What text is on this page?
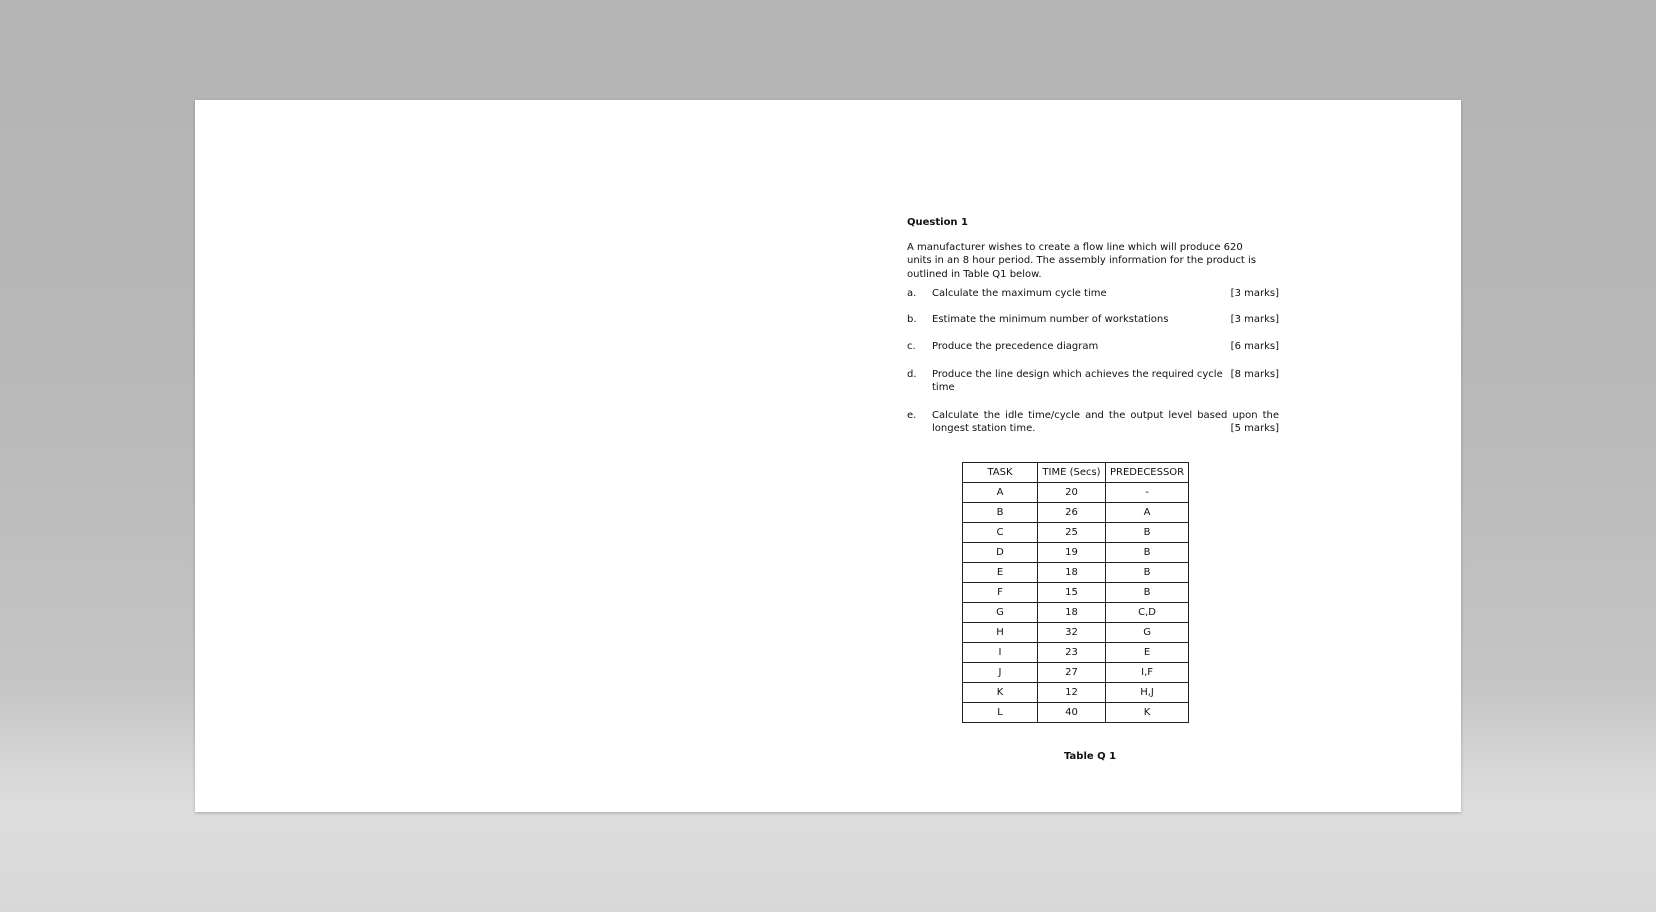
Question 1
A manufacturer wishes to create a flow line which will produce 620 units in an 8 hour period. The assembly information for the product is outlined in Table Q1 below.
a.	Calculate the maximum cycle time	[3 marks]
b.	Estimate the minimum number of workstations	[3 marks]
c.	Produce the precedence diagram	[6 marks]
d.	Produce the line design which achieves the required cycle time
[8 marks]
e.	Calculate the idle time/cycle and the output level based upon the longest station time.	[5 marks]
TASK	TIME (Secs)	PREDECESSOR
A	20	-
B	26	A
C	25	B
D	19	B
E	18	B
F	15	B
G	18	C,D
H	32	G
I	23	E
J	27	I,F
K	12	H,J
L	40	K
Table Q 1
